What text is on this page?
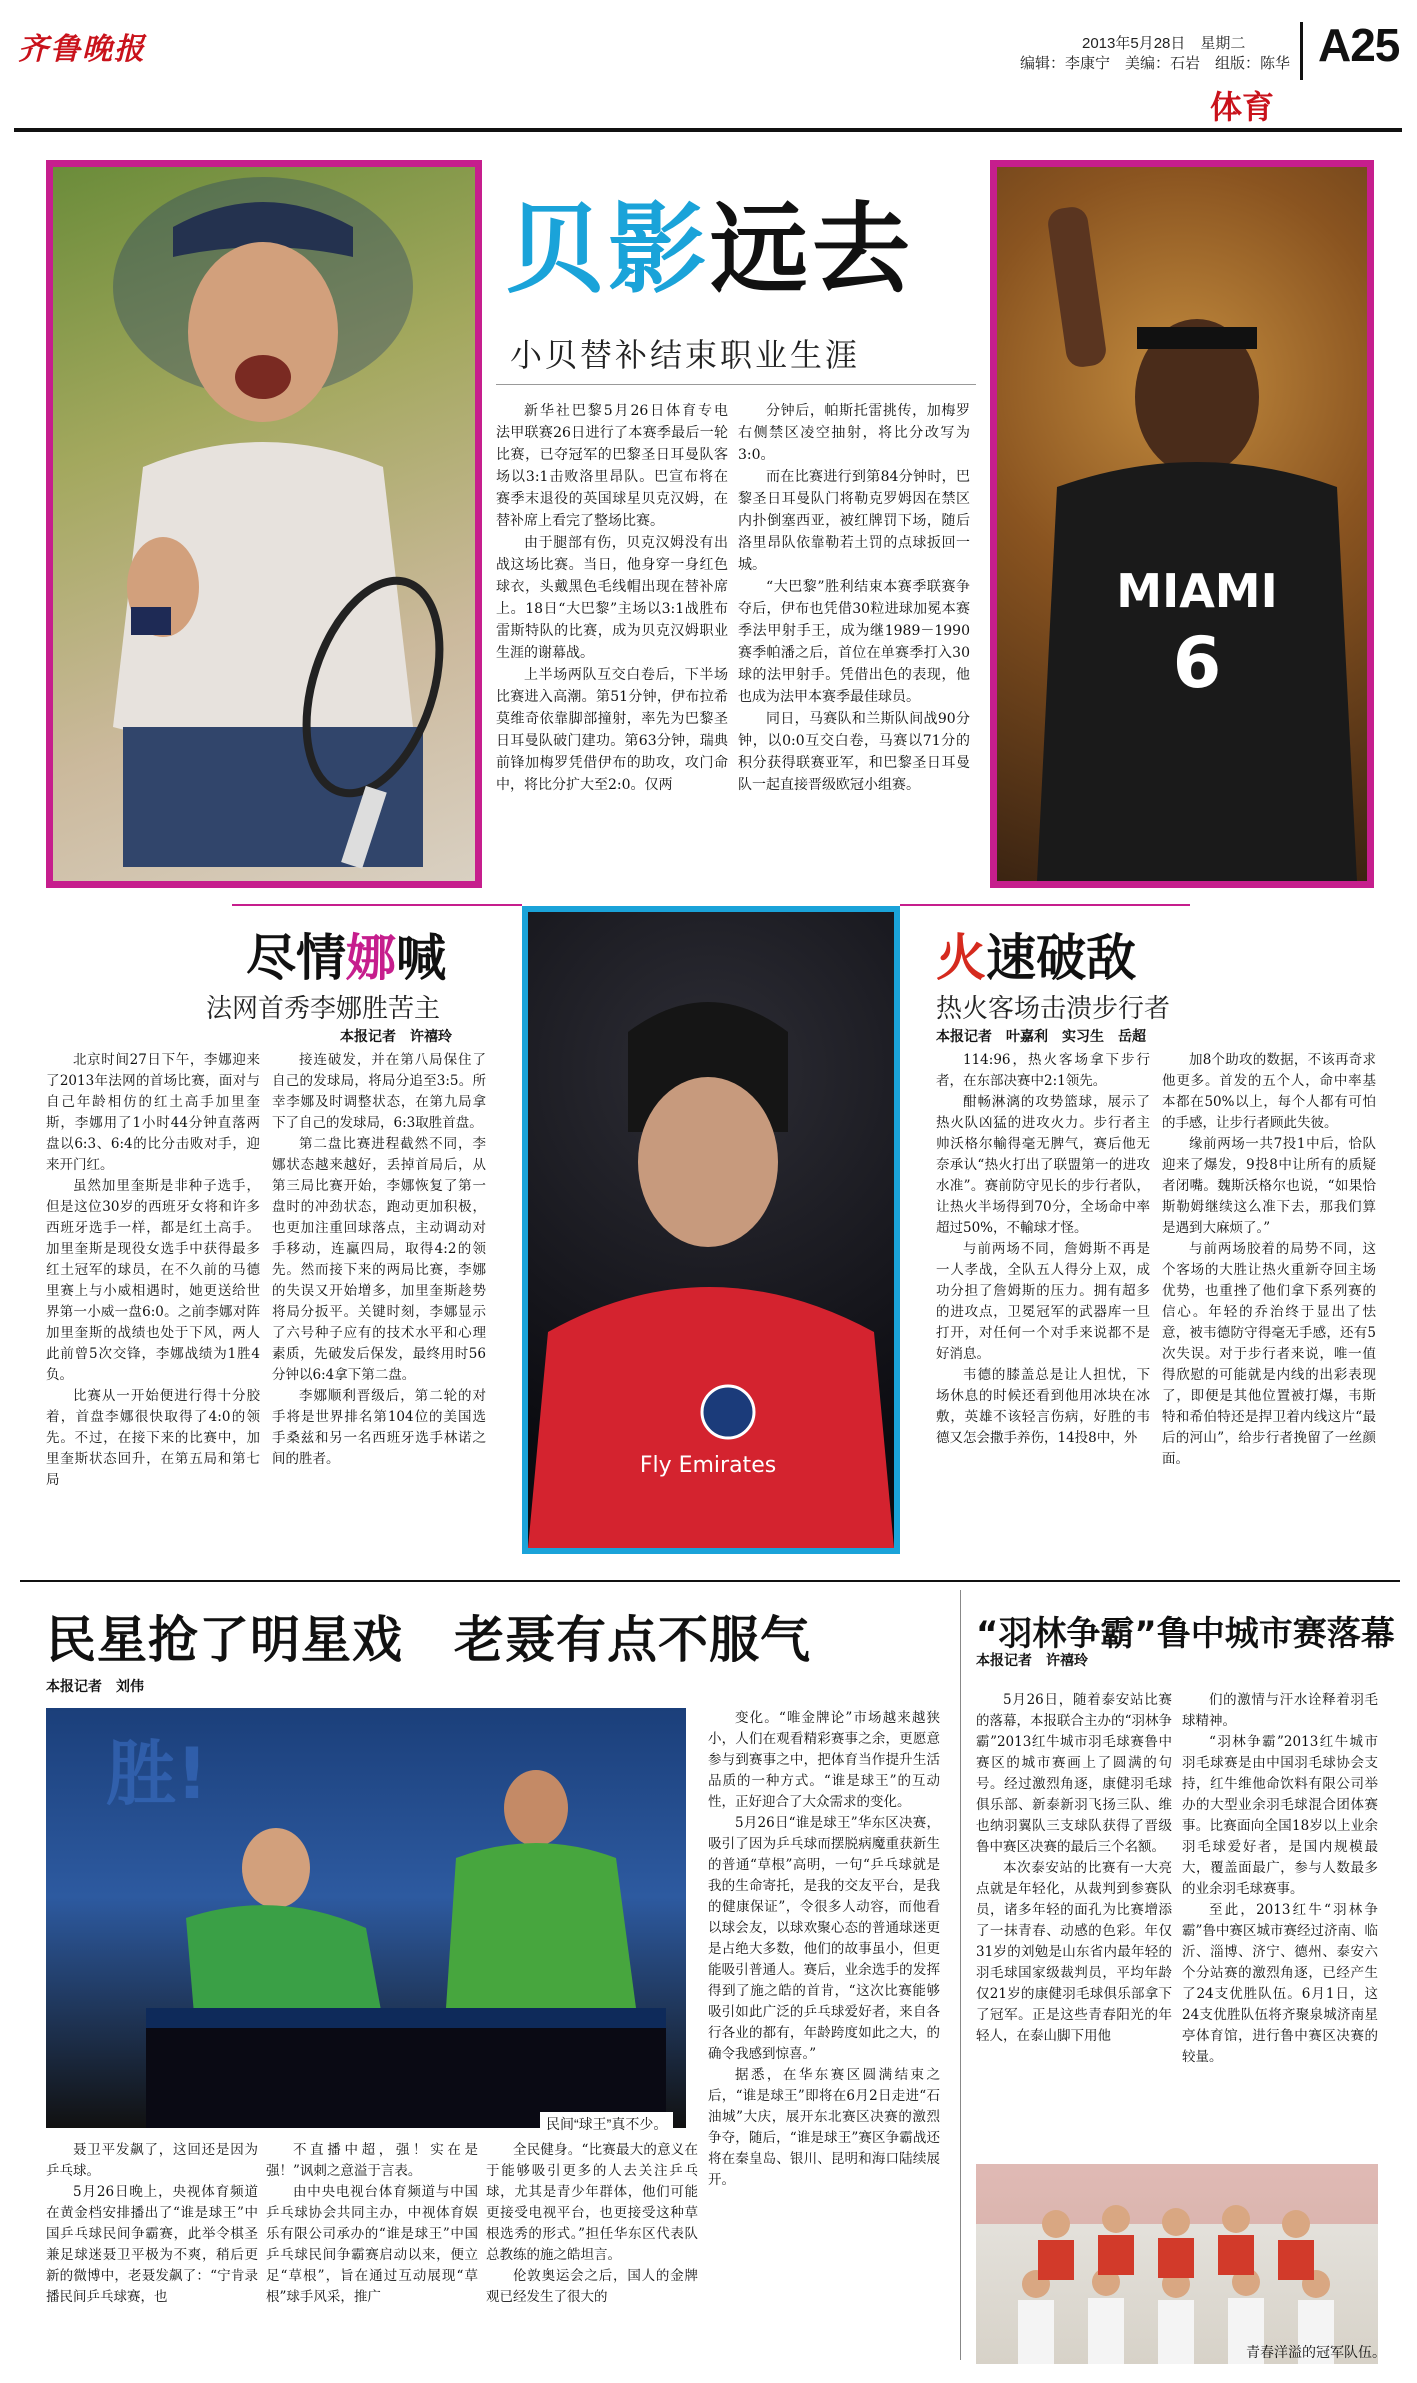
齐鲁晚报	2013年5月28日　星期二
编辑：李康宁　美编：石岩　组版：陈华 A25
体育
MIAMI
6
贝影远去
小贝替补结束职业生涯

新华社巴黎5月26日体育专电　法甲联赛26日进行了本赛季最后一轮比赛，已夺冠军的巴黎圣日耳曼队客场以3:1击败洛里昂队。巴宣布将在赛季末退役的英国球星贝克汉姆，在替补席上看完了整场比赛。

由于腿部有伤，贝克汉姆没有出战这场比赛。当日，他身穿一身红色球衣，头戴黑色毛线帽出现在替补席上。18日“大巴黎”主场以3:1战胜布雷斯特队的比赛，成为贝克汉姆职业生涯的谢幕战。

上半场两队互交白卷后，下半场比赛进入高潮。第51分钟，伊布拉希莫维奇依靠脚部撞射，率先为巴黎圣日耳曼队破门建功。第63分钟，瑞典前锋加梅罗凭借伊布的助攻，攻门命中，将比分扩大至2:0。仅两

分钟后，帕斯托雷挑传，加梅罗右侧禁区凌空抽射，将比分改写为3:0。

而在比赛进行到第84分钟时，巴黎圣日耳曼队门将勒克罗姆因在禁区内扑倒塞西亚，被红牌罚下场，随后洛里昂队依靠勒若土罚的点球扳回一城。

“大巴黎”胜利结束本赛季联赛争夺后，伊布也凭借30粒进球加冕本赛季法甲射手王，成为继1989－1990赛季帕潘之后，首位在单赛季打入30球的法甲射手。凭借出色的表现，他也成为法甲本赛季最佳球员。

同日，马赛队和兰斯队间战90分钟，以0:0互交白卷，马赛以71分的积分获得联赛亚军，和巴黎圣日耳曼队一起直接晋级欧冠小组赛。

Fly Emirates
尽情娜喊
法网首秀李娜胜苦主
本报记者　许禧玲

北京时间27日下午，李娜迎来了2013年法网的首场比赛，面对与自己年龄相仿的红土高手加里奎斯，李娜用了1小时44分钟直落两盘以6:3、6:4的比分击败对手，迎来开门红。

虽然加里奎斯是非种子选手，但是这位30岁的西班牙女将和许多西班牙选手一样，都是红土高手。加里奎斯是现役女选手中获得最多红土冠军的球员，在不久前的马德里赛上与小威相遇时，她更送给世界第一小威一盘6:0。之前李娜对阵加里奎斯的战绩也处于下风，两人此前曾5次交锋，李娜战绩为1胜4负。

比赛从一开始便进行得十分胶着，首盘李娜很快取得了4:0的领先。不过，在接下来的比赛中，加里奎斯状态回升，在第五局和第七局

接连破发，并在第八局保住了自己的发球局，将局分追至3:5。所幸李娜及时调整状态，在第九局拿下了自己的发球局，6:3取胜首盘。

第二盘比赛进程截然不同，李娜状态越来越好，丢掉首局后，从第三局比赛开始，李娜恢复了第一盘时的冲劲状态，跑动更加积极，也更加注重回球落点，主动调动对手移动，连赢四局，取得4:2的领先。然而接下来的两局比赛，李娜的失误又开始增多，加里奎斯趁势将局分扳平。关键时刻，李娜显示了六号种子应有的技术水平和心理素质，先破发后保发，最终用时56分钟以6:4拿下第二盘。

李娜顺利晋级后，第二轮的对手将是世界排名第104位的美国选手桑兹和另一名西班牙选手林诺之间的胜者。

火速破敌
热火客场击溃步行者
本报记者　叶嘉利　实习生　岳超

114:96，热火客场拿下步行者，在东部决赛中2:1领先。

酣畅淋漓的攻势篮球，展示了热火队凶猛的进攻火力。步行者主帅沃格尔輸得毫无脾气，赛后他无奈承认“热火打出了联盟第一的进攻水准”。赛前防守见长的步行者队，让热火半场得到70分，全场命中率超过50%，不輸球才怪。

与前两场不同，詹姆斯不再是一人孝战，全队五人得分上双，成功分担了詹姆斯的压力。拥有超多的进攻点，卫冕冠军的武器库一旦打开，对任何一个对手来说都不是好消息。

韦德的膝盖总是让人担忧，下场休息的时候还看到他用冰块在冰敷，英雄不该轻言伤病，好胜的韦德又怎会撒手养伤，14投8中，外

加8个助攻的数据，不该再奇求他更多。首发的五个人，命中率基本都在50%以上，每个人都有可怕的手感，让步行者顾此失彼。

缘前两场一共7投1中后，恰队迎来了爆发，9投8中让所有的质疑者闭嘴。魏斯沃格尔也说，“如果恰斯勒姆继续这么准下去，那我们算是遇到大麻烦了。”

与前两场胶着的局势不同，这个客场的大胜让热火重新夺回主场优势，也重挫了他们拿下系列赛的信心。年轻的乔治终于显出了怯意，被韦德防守得毫无手感，还有5次失误。对于步行者来说，唯一值得欣慰的可能就是内线的出彩表现了，即便是其他位置被打爆，韦斯特和希伯特还是捍卫着内线这片“最后的河山”，给步行者挽留了一丝颜面。

民星抢了明星戏　老聂有点不服气
本报记者　刘伟
胜!
民间“球王”真不少。

聂卫平发飙了，这回还是因为乒乓球。

5月26日晚上，央视体育频道在黄金档安排播出了“谁是球王”中国乒乓球民间争霸赛，此举令棋圣兼足球迷聂卫平极为不爽，稍后更新的微博中，老聂发飙了：“宁肯录播民间乒乓球赛，也

不直播中超，强！实在是强！”讽刺之意溢于言表。

由中央电视台体育频道与中国乒乓球协会共同主办，中视体育娱乐有限公司承办的“谁是球王”中国乒乓球民间争霸赛启动以来，便立足“草根”，旨在通过互动展现“草根”球手风采，推广

全民健身。“比赛最大的意义在于能够吸引更多的人去关注乒乓球，尤其是青少年群体，他们可能更接受电视平台，也更接受这种草根选秀的形式。”担任华东区代表队总教练的施之皓坦言。

伦敦奥运会之后，国人的金牌观已经发生了很大的

变化。“唯金牌论”市场越来越狭小，人们在观看精彩赛事之余，更愿意参与到赛事之中，把体育当作提升生活品质的一种方式。“谁是球王”的互动性，正好迎合了大众需求的变化。

5月26日“谁是球王”华东区决赛，吸引了因为乒乓球而摆脱病魔重获新生的普通“草根”高明，一句“乒乓球就是我的生命寄托，是我的交友平台，是我的健康保证”，令很多人动容，而他看以球会友，以球欢聚心态的普通球迷更是占绝大多数，他们的故事虽小，但更能吸引普通人。赛后，业余选手的发挥得到了施之皓的首肯，“这次比赛能够吸引如此广泛的乒乓球爱好者，来自各行各业的都有，年龄跨度如此之大，的确令我感到惊喜。”

据悉，在华东赛区圆满结束之后，“谁是球王”即将在6月2日走进“石油城”大庆，展开东北赛区决赛的激烈争夺，随后，“谁是球王”赛区争霸战还将在秦皇岛、银川、昆明和海口陆续展开。

“羽林争霸”鲁中城市赛落幕
本报记者　许禧玲

5月26日，随着泰安站比赛的落幕，本报联合主办的“羽林争霸”2013红牛城市羽毛球赛鲁中赛区的城市赛画上了圆满的句号。经过激烈角逐，康健羽毛球俱乐部、新泰新羽飞扬三队、维也纳羽翼队三支球队获得了晋级鲁中赛区决赛的最后三个名额。

本次泰安站的比赛有一大亮点就是年轻化，从裁判到参赛队员，诸多年轻的面孔为比赛增添了一抹青春、动感的色彩。年仅31岁的刘勉是山东省内最年轻的羽毛球国家级裁判员，平均年龄仅21岁的康健羽毛球俱乐部拿下了冠军。正是这些青春阳光的年轻人，在泰山脚下用他

们的激情与汗水诠释着羽毛球精神。

“羽林争霸”2013红牛城市羽毛球赛是由中国羽毛球协会支持，红牛维他命饮料有限公司举办的大型业余羽毛球混合团体赛事。比赛面向全国18岁以上业余羽毛球爱好者，是国内规模最大，覆盖面最广，参与人数最多的业余羽毛球赛事。

至此，2013红牛“羽林争霸”鲁中赛区城市赛经过济南、临沂、淄博、济宁、德州、泰安六个分站赛的激烈角逐，已经产生了24支优胜队伍。6月1日，这24支优胜队伍将齐聚泉城济南星亭体育馆，进行鲁中赛区决赛的较量。

青春洋溢的冠军队伍。
